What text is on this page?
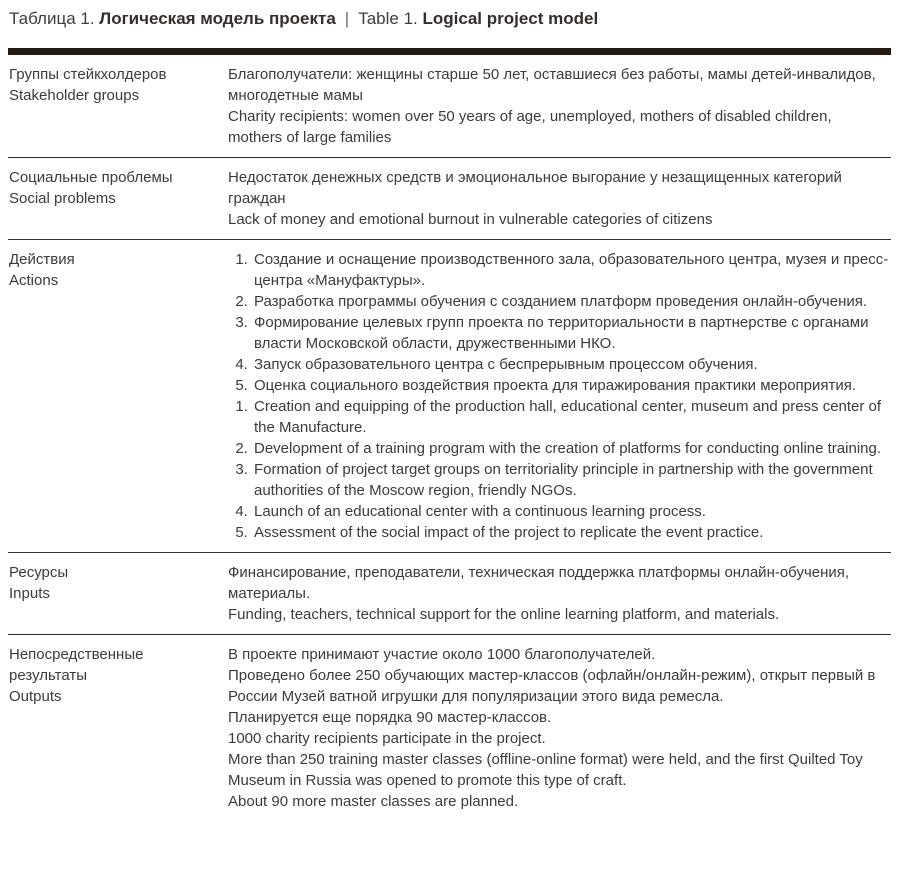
Таблица 1. Логическая модель проекта | Table 1. Logical project model
Группы стейкхолдеров
Stakeholder groups

Благополучатели: женщины старше 50 лет, оставшиеся без работы, мамы детей-инвалидов, многодетные мамы

Charity recipients: women over 50 years of age, unemployed, mothers of disabled children, mothers of large families

Социальные проблемы
Social problems

Недостаток денежных средств и эмоциональное выгорание у незащищенных категорий граждан

Lack of money and emotional burnout in vulnerable categories of citizens

Действия
Actions
1. Создание и оснащение производственного зала, образовательного центра, музея и пресс-центра «Мануфактуры».
2. Разработка программы обучения с созданием платформ проведения онлайн-обучения.
3. Формирование целевых групп проекта по территориальности в партнерстве с органами власти Московской области, дружественными НКО.
4. Запуск образовательного центра с беспрерывным процессом обучения.
5. Оценка социального воздействия проекта для тиражирования практики мероприятия.
1. Creation and equipping of the production hall, educational center, museum and press center of the Manufacture.
2. Development of a training program with the creation of platforms for conducting online training.
3. Formation of project target groups on territoriality principle in partnership with the government authorities of the Moscow region, friendly NGOs.
4. Launch of an educational center with a continuous learning process.
5. Assessment of the social impact of the project to replicate the event practice.
Ресурсы
Inputs

Финансирование, преподаватели, техническая поддержка платформы онлайн-обучения, материалы.

Funding, teachers, technical support for the online learning platform, and materials.

Непосредственные результаты
Outputs

В проекте принимают участие около 1000 благополучателей.

Проведено более 250 обучающих мастер-классов (офлайн/онлайн-режим), открыт первый в России Музей ватной игрушки для популяризации этого вида ремесла.

Планируется еще порядка 90 мастер-классов.

1000 charity recipients participate in the project.

More than 250 training master classes (offline-online format) were held, and the first Quilted Toy Museum in Russia was opened to promote this type of craft.

About 90 more master classes are planned.
